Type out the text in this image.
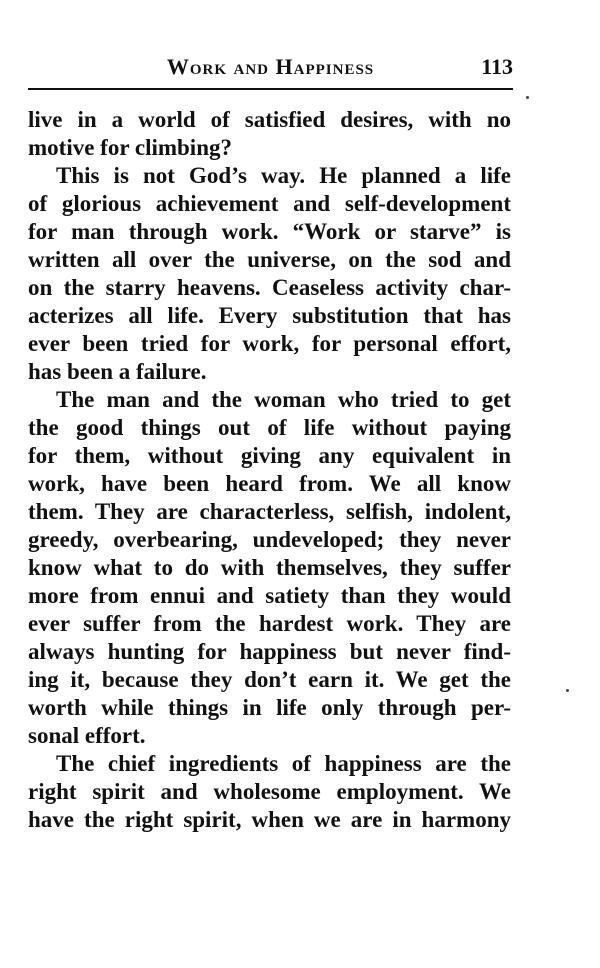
Work and Happiness	113
live in a world of satisfied desires, with no
motive for climbing?
This is not God’s way. He planned a life
of glorious achievement and self-development
for man through work. “Work or starve” is
written all over the universe, on the sod and
on the starry heavens. Ceaseless activity char-
acterizes all life. Every substitution that has
ever been tried for work, for personal effort,
has been a failure.
The man and the woman who tried to get
the good things out of life without paying
for them, without giving any equivalent in
work, have been heard from. We all know
them. They are characterless, selfish, indolent,
greedy, overbearing, undeveloped; they never
know what to do with themselves, they suffer
more from ennui and satiety than they would
ever suffer from the hardest work. They are
always hunting for happiness but never find-
ing it, because they don’t earn it. We get the
worth while things in life only through per-
sonal effort.
The chief ingredients of happiness are the
right spirit and wholesome employment. We
have the right spirit, when we are in harmony
